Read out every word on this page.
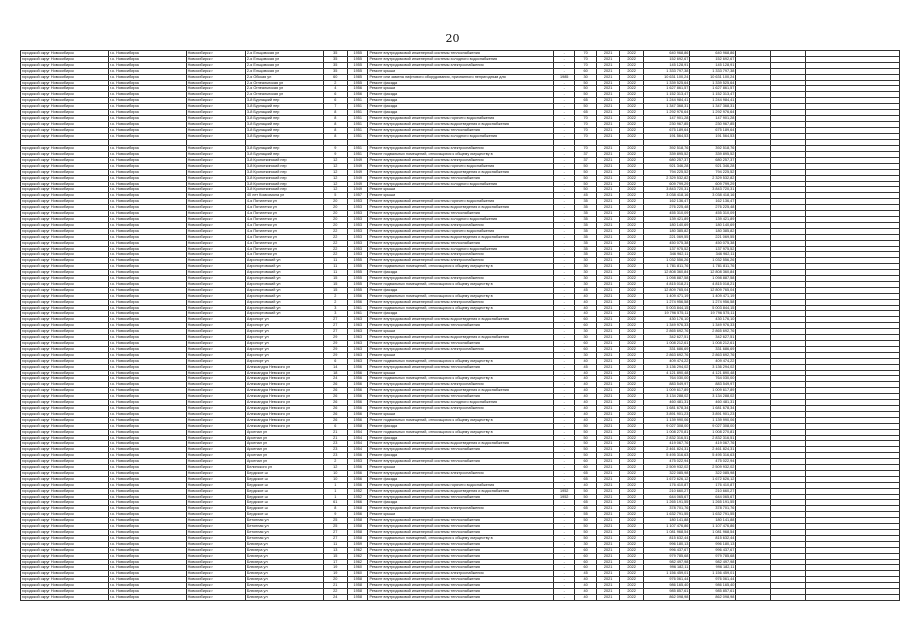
20
городской округ Новосибирск	г.о. Новосибирск	Новосибирск г	2-я Ельцовская ул	35	1955	Ремонт внутридомовой инженерной системы теплоснабжения	-	70	2021	2022	640 968,86	640 968,86			
городской округ Новосибирск	г.о. Новосибирск	Новосибирск г	2-я Ельцовская ул	35	1955	Ремонт внутридомовой инженерной системы холодного водоснабжения	-	70	2021	2022	152 692,67	152 692,67			
городской округ Новосибирск	г.о. Новосибирск	Новосибирск г	2-я Ельцовская ул	35	1955	Ремонт внутридомовой инженерной системы электроснабжения	-	70	2021	2022	145 128,91	145 128,91			
городской округ Новосибирск	г.о. Новосибирск	Новосибирск г	2-я Ельцовская ул	35	1955	Ремонт крыши	-	60	2021	2022	1 333 797,38	1 333 797,38			
городской округ Новосибирск	г.о. Новосибирск	Новосибирск г	2-я Обская ул	60	1985	Ремонт или замена лифтового оборудования, признанного непригодным для	1985	30	2021	2022	10 631 100,24	10 631 100,24			
городской округ Новосибирск	г.о. Новосибирск	Новосибирск г	2-я Огнеальпская ул	2	1955	Ремонт фасада	-	50	2021	2022	1 339 525,64	1 339 525,64			
городской округ Новосибирск	г.о. Новосибирск	Новосибирск г	2-я Огнеальпская ул	4	1956	Ремонт крыши	-	50	2021	2022	1 627 861,57	1 627 861,57			
городской округ Новосибирск	г.о. Новосибирск	Новосибирск г	2-я Огнеальпская ул	6	1956	Ремонт фасада	-	50	2021	2022	1 152 313,47	1 152 313,47			
городской округ Новосибирск	г.о. Новосибирск	Новосибирск г	3-й Бурлацкий пер	6	1951	Ремонт фасада	-	65	2021	2022	1 244 984,41	1 244 984,41			
городской округ Новосибирск	г.о. Новосибирск	Новосибирск г	3-й Бурлацкий пер	7	1951	Ремонт фасада	-	50	2021	2022	1 347 368,31	1 347 368,31			
городской округ Новосибирск	г.о. Новосибирск	Новосибирск г	3-й Бурлацкий пер	8	1951	Ремонт фасада	-	65	2021	2022	1 292 976,64	1 292 976,64			
городской округ Новосибирск	г.о. Новосибирск	Новосибирск г	3-й Бурлацкий пер	8	1951	Ремонт внутридомовой инженерной системы горячего водоснабжения	-	70	2021	2022	147 901,28	147 901,28			
городской округ Новосибирск	г.о. Новосибирск	Новосибирск г	3-й Бурлацкий пер	8	1951	Ремонт внутридомовой инженерной системы водоотведения и водоснабжения	-	70	2021	2022	230 967,85	230 967,85			
городской округ Новосибирск	г.о. Новосибирск	Новосибирск г	3-й Бурлацкий пер	8	1951	Ремонт внутридомовой инженерной системы теплоснабжения	-	70	2021	2022	675 189,64	675 189,64			
городской округ Новосибирск	г.о. Новосибирск	Новосибирск г	3-й Бурлацкий пер	8	1951	Ремонт внутридомовой инженерной системы холодного водоснабжения	-	70	2021	2022	191 564,53	191 564,53			

городской округ Новосибирск	г.о. Новосибирск	Новосибирск г	3-й Бурлацкий пер	9	1951	Ремонт внутридомовой инженерной системы электроснабжения	-	70	2021	2022	392 518,76	392 518,76			
городской округ Новосибирск	г.о. Новосибирск	Новосибирск г	3-й Бурлацкий пер	9	1951	Ремонт подвальных помещений, относящихся к общему имуществу в	-	37	2021	2022	339 895,52	339 895,52			
городской округ Новосибирск	г.о. Новосибирск	Новосибирск г	3-й Кропоткинский пер	12	1949	Ремонт внутридомовой инженерной системы электроснабжения	-	37	2021	2022	680 257,37	680 257,37			
городской округ Новосибирск	г.о. Новосибирск	Новосибирск г	3-й Кропоткинский пер	12	1949	Ремонт внутридомовой инженерной системы горячего водоснабжения	-	50	2021	2022	921 346,28	921 346,28			
городской округ Новосибирск	г.о. Новосибирск	Новосибирск г	3-й Кропоткинский пер	12	1949	Ремонт внутридомовой инженерной системы водоотведения и водоснабжения	-	50	2021	2022	794 225,52	794 225,52			
городской округ Новосибирск	г.о. Новосибирск	Новосибирск г	3-й Кропоткинский пер	12	1949	Ремонт внутридомовой инженерной системы теплоснабжения	-	50	2021	2022	2 329 532,82	2 329 532,82			
городской округ Новосибирск	г.о. Новосибирск	Новосибирск г	3-й Кропоткинский пер	12	1949	Ремонт внутридомовой инженерной системы холодного водоснабжения	-	50	2021	2022	609 799,29	609 799,29			
городской округ Новосибирск	г.о. Новосибирск	Новосибирск г	3-й Кропоткинский пер	12	1949	Ремонт крыши	-	50	2021	2022	3 843 720,31	3 843 720,31			
городской округ Новосибирск	г.о. Новосибирск	Новосибирск г	40 лет Комсомола ул	5	1957	Ремонт крыши	-	45	2021	2022	3 038 418,16	3 038 418,16			
городской округ Новосибирск	г.о. Новосибирск	Новосибирск г	4-я Пятилетки ул	20	1953	Ремонт внутридомовой инженерной системы горячего водоснабжения	-	35	2021	2022	162 136,47	162 136,47			
городской округ Новосибирск	г.о. Новосибирск	Новосибирск г	4-я Пятилетки ул	20	1953	Ремонт внутридомовой инженерной системы водоотведения и водоснабжения	-	35	2021	2022	276 225,48	276 225,48			
городской округ Новосибирск	г.о. Новосибирск	Новосибирск г	4-я Пятилетки ул	20	1953	Ремонт внутридомовой инженерной системы теплоснабжения	-	35	2021	2022	455 310,09	455 310,09			
городской округ Новосибирск	г.о. Новосибирск	Новосибирск г	4-я Пятилетки ул	20	1953	Ремонт внутридомовой инженерной системы холодного водоснабжения	-	35	2021	2022	139 421,89	139 421,89			
городской округ Новосибирск	г.о. Новосибирск	Новосибирск г	4-я Пятилетки ул	20	1953	Ремонт внутридомовой инженерной системы электроснабжения	-	35	2021	2022	180 140,69	180 140,69			
городской округ Новосибирск	г.о. Новосибирск	Новосибирск г	4-я Пятилетки ул	22	1953	Ремонт внутридомовой инженерной системы горячего водоснабжения	-	35	2021	2022	180 385,82	180 385,82			
городской округ Новосибирск	г.о. Новосибирск	Новосибирск г	4-я Пятилетки ул	22	1953	Ремонт внутридомовой инженерной системы водоотведения и водоснабжения	-	35	2021	2022	221 069,55	221 069,55			
городской округ Новосибирск	г.о. Новосибирск	Новосибирск г	4-я Пятилетки ул	22	1953	Ремонт внутридомовой инженерной системы теплоснабжения	-	35	2021	2022	450 075,38	450 075,38			
городской округ Новосибирск	г.о. Новосибирск	Новосибирск г	4-я Пятилетки ул	22	1953	Ремонт внутридомовой инженерной системы холодного водоснабжения	-	35	2021	2022	137 975,52	137 975,52			
городской округ Новосибирск	г.о. Новосибирск	Новосибирск г	4-я Пятилетки ул	22	1953	Ремонт внутридомовой инженерной системы электроснабжения	-	35	2021	2022	346 962,11	346 962,11			
городской округ Новосибирск	г.о. Новосибирск	Новосибирск г	Аэропортовский ул	11	1955	Ремонт внутридомовой инженерной системы электроснабжения	-	30	2021	2022	1 032 556,26	1 032 556,26			
городской округ Новосибирск	г.о. Новосибирск	Новосибирск г	Аэропортовский ул	11	1955	Ремонт подвальных помещений, относящихся к общему имуществу в	-	30	2021	2022	1 781 811,76	1 781 811,76			
городской округ Новосибирск	г.о. Новосибирск	Новосибирск г	Аэропортовский ул	11	1955	Ремонт фасада	-	30	2021	2022	12 808 360,84	12 808 360,84			
городской округ Новосибирск	г.о. Новосибирск	Новосибирск г	Аэропортовский ул	15	1955	Ремонт внутридомовой инженерной системы электроснабжения	-	30	2021	2022	1 098 887,58	1 098 887,58			
городской округ Новосибирск	г.о. Новосибирск	Новосибирск г	Аэропортовский ул	15	1955	Ремонт подвальных помещений, относящихся к общему имуществу в	-	30	2021	2022	4 815 018,21	4 815 018,21			
городской округ Новосибирск	г.о. Новосибирск	Новосибирск г	Аэропортовский ул	15	1955	Ремонт фасада	-	45	2021	2022	12 809 765,04	12 809 765,04			
городской округ Новосибирск	г.о. Новосибирск	Новосибирск г	Аэропортовский ул	2	1956	Ремонт подвальных помещений, относящихся к общему имуществу в	-	40	2021	2022	1 409 471,19	1 409 471,19			
городской округ Новосибирск	г.о. Новосибирск	Новосибирск г	Аэропортовский ул	2	1956	Ремонт внутридомовой инженерной системы электроснабжения	-	40	2021	2022	1 274 956,58	1 274 956,58			
городской округ Новосибирск	г.о. Новосибирск	Новосибирск г	Аэропортовский ул	3	1961	Ремонт подвальных помещений, относящихся к общему имуществу в	-	40	2021	2022	5 003 844,15	5 003 844,15			
городской округ Новосибирск	г.о. Новосибирск	Новосибирск г	Аэропортовский ул	3	1961	Ремонт фасада	-	40	2021	2022	19 796 575,11	19 796 575,11			
городской округ Новосибирск	г.о. Новосибирск	Новосибирск г	Аэропорт ул	27	1963	Ремонт внутридомовой инженерной системы водоотведения и водоснабжения	-	60	2021	2022	430 176,10	430 176,10			
городской округ Новосибирск	г.о. Новосибирск	Новосибирск г	Аэропорт ул	27	1963	Ремонт внутридомовой инженерной системы теплоснабжения	-	60	2021	2022	1 349 976,33	1 349 976,33			
городской округ Новосибирск	г.о. Новосибирск	Новосибирск г	Аэропорт ул	27	1963	Ремонт крыши	-	30	2021	2022	2 865 692,76	2 865 692,76			
городской округ Новосибирск	г.о. Новосибирск	Новосибирск г	Аэропорт ул	29	1963	Ремонт внутридомовой инженерной системы водоотведения и водоснабжения	-	30	2021	2022	342 627,51	342 627,51			
городской округ Новосибирск	г.о. Новосибирск	Новосибирск г	Аэропорт ул	29	1963	Ремонт внутридомовой инженерной системы теплоснабжения	-	60	2021	2022	1 008 212,61	1 008 212,61			
городской округ Новосибирск	г.о. Новосибирск	Новосибирск г	Аэропорт ул	29	1963	Ремонт внутридомовой инженерной системы электроснабжения	-	60	2021	2022	331 686,69	331 686,69			
городской округ Новосибирск	г.о. Новосибирск	Новосибирск г	Аэропорт ул	29	1963	Ремонт крыши	-	30	2021	2022	2 863 692,76	2 863 692,76			
городской округ Новосибирск	г.о. Новосибирск	Новосибирск г	Аэропорт ул	6	1963	Ремонт подвальных помещений, относящихся к общему имуществу в	-	40	2021	2022	409 474,22	409 474,22			
городской округ Новосибирск	г.о. Новосибирск	Новосибирск г	Александра Невского ул	14	1956	Ремонт внутридомовой инженерной системы теплоснабжения	-	45	2021	2022	3 136 294,02	3 136 294,02			
городской округ Новосибирск	г.о. Новосибирск	Новосибирск г	Александра Невского ул	18	1956	Ремонт крыши	-	40	2021	2022	4 121 890,48	4 121 890,48			
городской округ Новосибирск	г.о. Новосибирск	Новосибирск г	Александра Невского ул	24	1956	Ремонт подвальных помещений, относящихся к общему имуществу в	-	40	2021	2022	764 030,00	764 030,00			
городской округ Новосибирск	г.о. Новосибирск	Новосибирск г	Александра Невского ул	26	1956	Ремонт внутридомовой инженерной системы электроснабжения	-	40	2021	2022	883 549,97	883 549,97			
городской округ Новосибирск	г.о. Новосибирск	Новосибирск г	Александра Невского ул	26	1956	Ремонт внутридомовой инженерной системы водоотведения и водоснабжения	-	40	2021	2022	1 009 617,89	1 009 617,89			
городской округ Новосибирск	г.о. Новосибирск	Новосибирск г	Александра Невского ул	26	1956	Ремонт внутридомовой инженерной системы теплоснабжения	-	40	2021	2022	3 134 288,02	3 134 288,02			
городской округ Новосибирск	г.о. Новосибирск	Новосибирск г	Александра Невского ул	26	1956	Ремонт внутридомовой инженерной системы холодного водоснабжения	-	40	2021	2022	460 481,31	460 481,31			
городской округ Новосибирск	г.о. Новосибирск	Новосибирск г	Александра Невского ул	26	1956	Ремонт внутридомовой инженерной системы электроснабжения	-	40	2021	2022	1 681 678,34	1 681 678,34			
городской округ Новосибирск	г.о. Новосибирск	Новосибирск г	Александра Невского ул	26	1956	Ремонт крыши	-	40	2021	2022	3 891 901,23	3 891 901,23			
городской округ Новосибирск	г.о. Новосибирск	Новосибирск г	Александра Невского ул	26	1956	Ремонт подвальных помещений, относящихся к общему имуществу в	-	40	2021	2022	1 139 990,06	1 139 990,06			
городской округ Новосибирск	г.о. Новосибирск	Новосибирск г	Александра Невского ул	6	1958	Ремонт фасада	-	50	2021	2022	9 027 308,00	9 027 308,00			
городской округ Новосибирск	г.о. Новосибирск	Новосибирск г	Арсенал ул	21	1954	Ремонт подвальных помещений, относящихся к общему имуществу в	-	50	2021	2022	1 008 270,81	1 008 270,81			
городской округ Новосибирск	г.о. Новосибирск	Новосибирск г	Арсенал ул	21	1954	Ремонт фасада	-	50	2021	2022	2 832 316,51	2 832 316,51			
городской округ Новосибирск	г.о. Новосибирск	Новосибирск г	Арсенал ул	23	1954	Ремонт внутридомовой инженерной системы водоотведения и водоснабжения	-	50	2021	2022	419 067,76	419 067,76			
городской округ Новосибирск	г.о. Новосибирск	Новосибирск г	Арсенал ул	23	1954	Ремонт внутридомовой инженерной системы теплоснабжения	-	50	2021	2022	2 461 824,31	2 461 824,31			
городской округ Новосибирск	г.о. Новосибирск	Новосибирск г	Арсенал ул	23	1956	Ремонт фасада	-	50	2021	2022	5 495 316,63	5 495 316,63			
городской округ Новосибирск	г.о. Новосибирск	Новосибирск г	Арсенал ул	2	1953	Ремонт внутридомовой инженерной системы теплоснабжения	-	60	2021	2022	475 022,94	475 022,94			
городской округ Новосибирск	г.о. Новосибирск	Новосибирск г	Белинского ул	12	1956	Ремонт крыши	-	60	2021	2022	2 509 932,02	2 509 932,02			
городской округ Новосибирск	г.о. Новосибирск	Новосибирск г	Бердское ш	10	1956	Ремонт внутридомовой инженерной системы электроснабжения	-	65	2021	2022	322 085,98	322 085,98			
городской округ Новосибирск	г.о. Новосибирск	Новосибирск г	Бердское ш	10	1956	Ремонт фасада	-	65	2021	2022	1 672 626,12	1 672 626,12			
городской округ Новосибирск	г.о. Новосибирск	Новосибирск г	Бердское ш	1	1956	Ремонт внутридомовой инженерной системы горячего водоснабжения	-	40	2021	2022	176 410,87	176 410,87			
городской округ Новосибирск	г.о. Новосибирск	Новосибирск г	Бердское ш	1	1952	Ремонт внутридомовой инженерной системы водоотведения и водоснабжения	1952	50	2021	2022	210 660,27	210 660,27			
городской округ Новосибирск	г.о. Новосибирск	Новосибирск г	Бердское ш	1	1952	Ремонт внутридомовой инженерной системы теплоснабжения	1952	50	2021	2022	644 065,67	644 065,67			
городской округ Новосибирск	г.о. Новосибирск	Новосибирск г	Бердское ш	61	1966	Ремонт фасада	-	65	2021	2022	1 265 191,55	1 265 191,55			
городской округ Новосибирск	г.о. Новосибирск	Новосибирск г	Бердское ш	8	1968	Ремонт внутридомовой инженерной системы электроснабжения	-	65	2021	2022	378 701,76	378 701,76			
городской округ Новосибирск	г.о. Новосибирск	Новосибирск г	Бердское ш	9	1956	Ремонт крыши	-	55	2021	2022	1 632 791,55	1 632 791,55			
городской округ Новосибирск	г.о. Новосибирск	Новосибирск г	Бетонная ул	25	1958	Ремонт внутридомовой инженерной системы теплоснабжения	-	50	2021	2022	180 141,88	180 141,88			
городской округ Новосибирск	г.о. Новосибирск	Новосибирск г	Бетонная ул	25	1958	Ремонт внутридомовой инженерной системы теплоснабжения	-	50	2021	2022	1 107 476,86	1 107 476,86			
городской округ Новосибирск	г.о. Новосибирск	Новосибирск г	Бетонная ул	27	1958	Ремонт внутридомовой инженерной системы теплоснабжения	-	50	2021	2022	1 081 968,54	1 081 968,54			
городской округ Новосибирск	г.о. Новосибирск	Новосибирск г	Бетонная ул	27	1958	Ремонт подвальных помещений, относящихся к общему имуществу в	-	50	2021	2022	815 632,44	815 632,44			
городской округ Новосибирск	г.о. Новосибирск	Новосибирск г	Блюхера ул	11	1959	Ремонт внутридомовой инженерной системы теплоснабжения	-	30	2021	2022	996 180,13	996 180,13			
городской округ Новосибирск	г.о. Новосибирск	Новосибирск г	Блюхера ул	13	1962	Ремонт внутридомовой инженерной системы теплоснабжения	-	60	2021	2022	996 437,67	996 437,67			
городской округ Новосибирск	г.о. Новосибирск	Новосибирск г	Блюхера ул	15	1962	Ремонт внутридомовой инженерной системы теплоснабжения	-	60	2021	2022	979 785,68	979 785,68			
городской округ Новосибирск	г.о. Новосибирск	Новосибирск г	Блюхера ул	17	1962	Ремонт внутридомовой инженерной системы теплоснабжения	-	60	2021	2022	982 497,98	982 497,98			
городской округ Новосибирск	г.о. Новосибирск	Новосибирск г	Блюхера ул	19	1960	Ремонт внутридомовой инженерной системы теплоснабжения	-	60	2021	2022	996 182,11	996 182,11			
городской округ Новосибирск	г.о. Новосибирск	Новосибирск г	Блюхера ул	19	1960	Ремонт внутридомовой инженерной системы электроснабжения	-	45	2021	2022	1 156 459,01	1 156 459,01			
городской округ Новосибирск	г.о. Новосибирск	Новосибирск г	Блюхера ул	20	1958	Ремонт внутридомовой инженерной системы теплоснабжения	-	40	2021	2022	976 061,44	976 061,44			
городской округ Новосибирск	г.о. Новосибирск	Новосибирск г	Блюхера ул	21	1958	Ремонт внутридомовой инженерной системы теплоснабжения	-	40	2021	2022	986 165,40	986 165,40			
городской округ Новосибирск	г.о. Новосибирск	Новосибирск г	Блюхера ул	22	1958	Ремонт внутридомовой инженерной системы теплоснабжения	-	40	2021	2022	985 857,61	985 857,61			
городской округ Новосибирск	г.о. Новосибирск	Новосибирск г	Блюхера ул	24	1958	Ремонт внутридомовой инженерной системы теплоснабжения	-	40	2021	2022	862 098,98	862 098,98			
